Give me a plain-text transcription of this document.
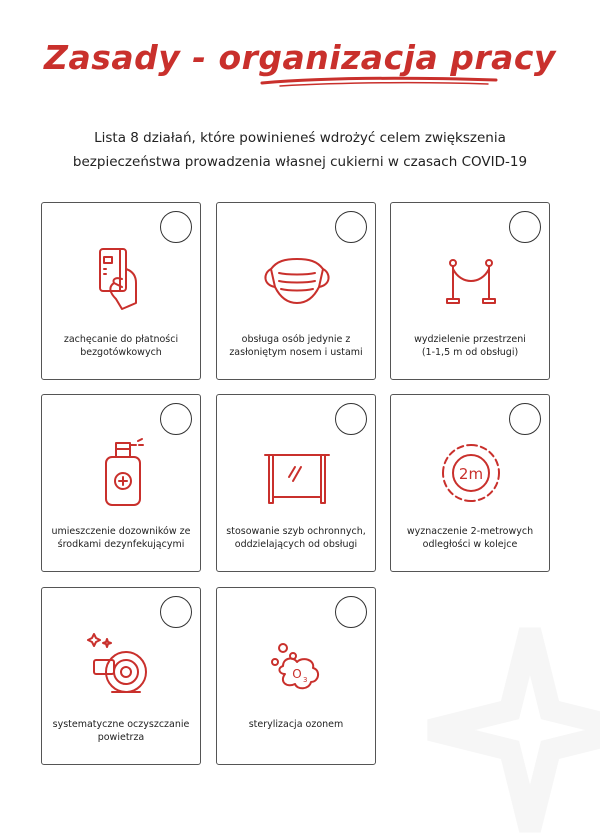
Zasady - organizacja pracy
Lista 8 działań, które powinieneś wdrożyć celem zwiększenia
bezpieczeństwa prowadzenia własnej cukierni w czasach COVID-19
zachęcanie do płatności
bezgotówkowych
obsługa osób jedynie z
zasłoniętym nosem i ustami
wydzielenie przestrzeni
(1-1,5 m od obsługi)
umieszczenie dozowników ze
środkami dezynfekującymi
stosowanie szyb ochronnych,
oddzielających od obsługi
2m
wyznaczenie 2-metrowych
odległości w kolejce
systematyczne oczyszczanie
powietrza
O 3
sterylizacja ozonem
